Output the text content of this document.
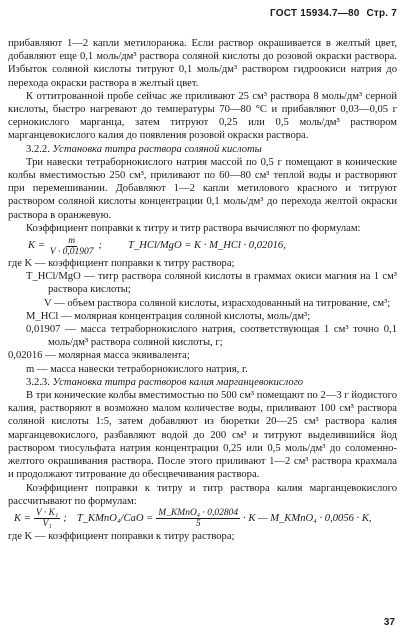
ГОСТ 15934.7—80 Стр. 7

прибавляют 1—2 капли метилоранжа. Если раствор окрашивается в желтый цвет, добавляют еще 0,1 моль/дм³ раствора соляной кислоты до розовой окраски раствора. Избыток соляной кислоты титруют 0,1 моль/дм³ раствором гидроокиси натрия до перехода окраски раствора в желтый цвет.

К оттитрованной пробе сейчас же приливают 25 см³ раствора 8 моль/дм³ серной кислоты, быстро нагревают до температуры 70—80 °С и прибавляют 0,03—0,05 г сернокислого марганца, затем титруют 0,25 или 0,5 моль/дм³ раствором марганцевокислого калия до появления розовой окраски раствора.

3.2.2. Установка титра раствора соляной кислоты

Три навески тетраборнокислого натрия массой по 0,5 г помещают в конические колбы вместимостью 250 см³, приливают по 60—80 см³ теплой воды и растворяют при перемешивании. Добавляют 1—2 капли метилового красного и титруют раствором соляной кислоты концентрации 0,1 моль/дм³ до перехода желтой окраски раствора в оранжевую.

Коэффициент поправки к титру и титр раствора вычисляют по формулам:

$K = \frac{m}{V \cdot 0,01907}$ ; T_HCl/MgO = K · M_HCl · 0,02016,
где K — коэффициент поправки к титру раствора;
T_HCl/MgO — титр раствора соляной кислоты в граммах окиси магния на 1 см³ раствора кислоты;
V — объем раствора соляной кислоты, израсходованный на титрование, см³;
M_HCl — молярная концентрация соляной кислоты, моль/дм³;
0,01907 — масса тетраборнокислого натрия, соответствующая 1 см³ точно 0,1 моль/дм³ раствора соляной кислоты, г;
0,02016 — молярная масса эквивалента;
m — масса навески тетраборнокислого натрия, г.

3.2.3. Установка титра растворов калия марганцевокислого

В три конические колбы вместимостью по 500 см³ помещают по 2—3 г йодистого калия, растворяют в возможно малом количестве воды, приливают 100 см³ раствора соляной кислоты 1:5, затем добавляют из бюретки 20—25 см³ раствора калия марганцевокислого, разбавляют водой до 200 см³ и титруют выделившийся йод раствором тиосульфата натрия концентрации 0,25 или 0,5 моль/дм³ до соломенно-желтого окрашивания раствора. После этого приливают 1—2 см³ раствора крахмала и продолжают титрование до обесцвечивания раствора.

Коэффициент поправки к титру и титр раствора калия марганцевокислого рассчитывают по формулам:

$K = \frac{\text{V · K₁}}{\text{V₁}}$ ; T_KMnO₄/CaO = $\frac{\text{M\_KMnO₄ · 0,02804}}{5} \cdot K$ — M_KMnO₄ · 0,0056 · K,

где K — коэффициент поправки к титру раствора;

37
